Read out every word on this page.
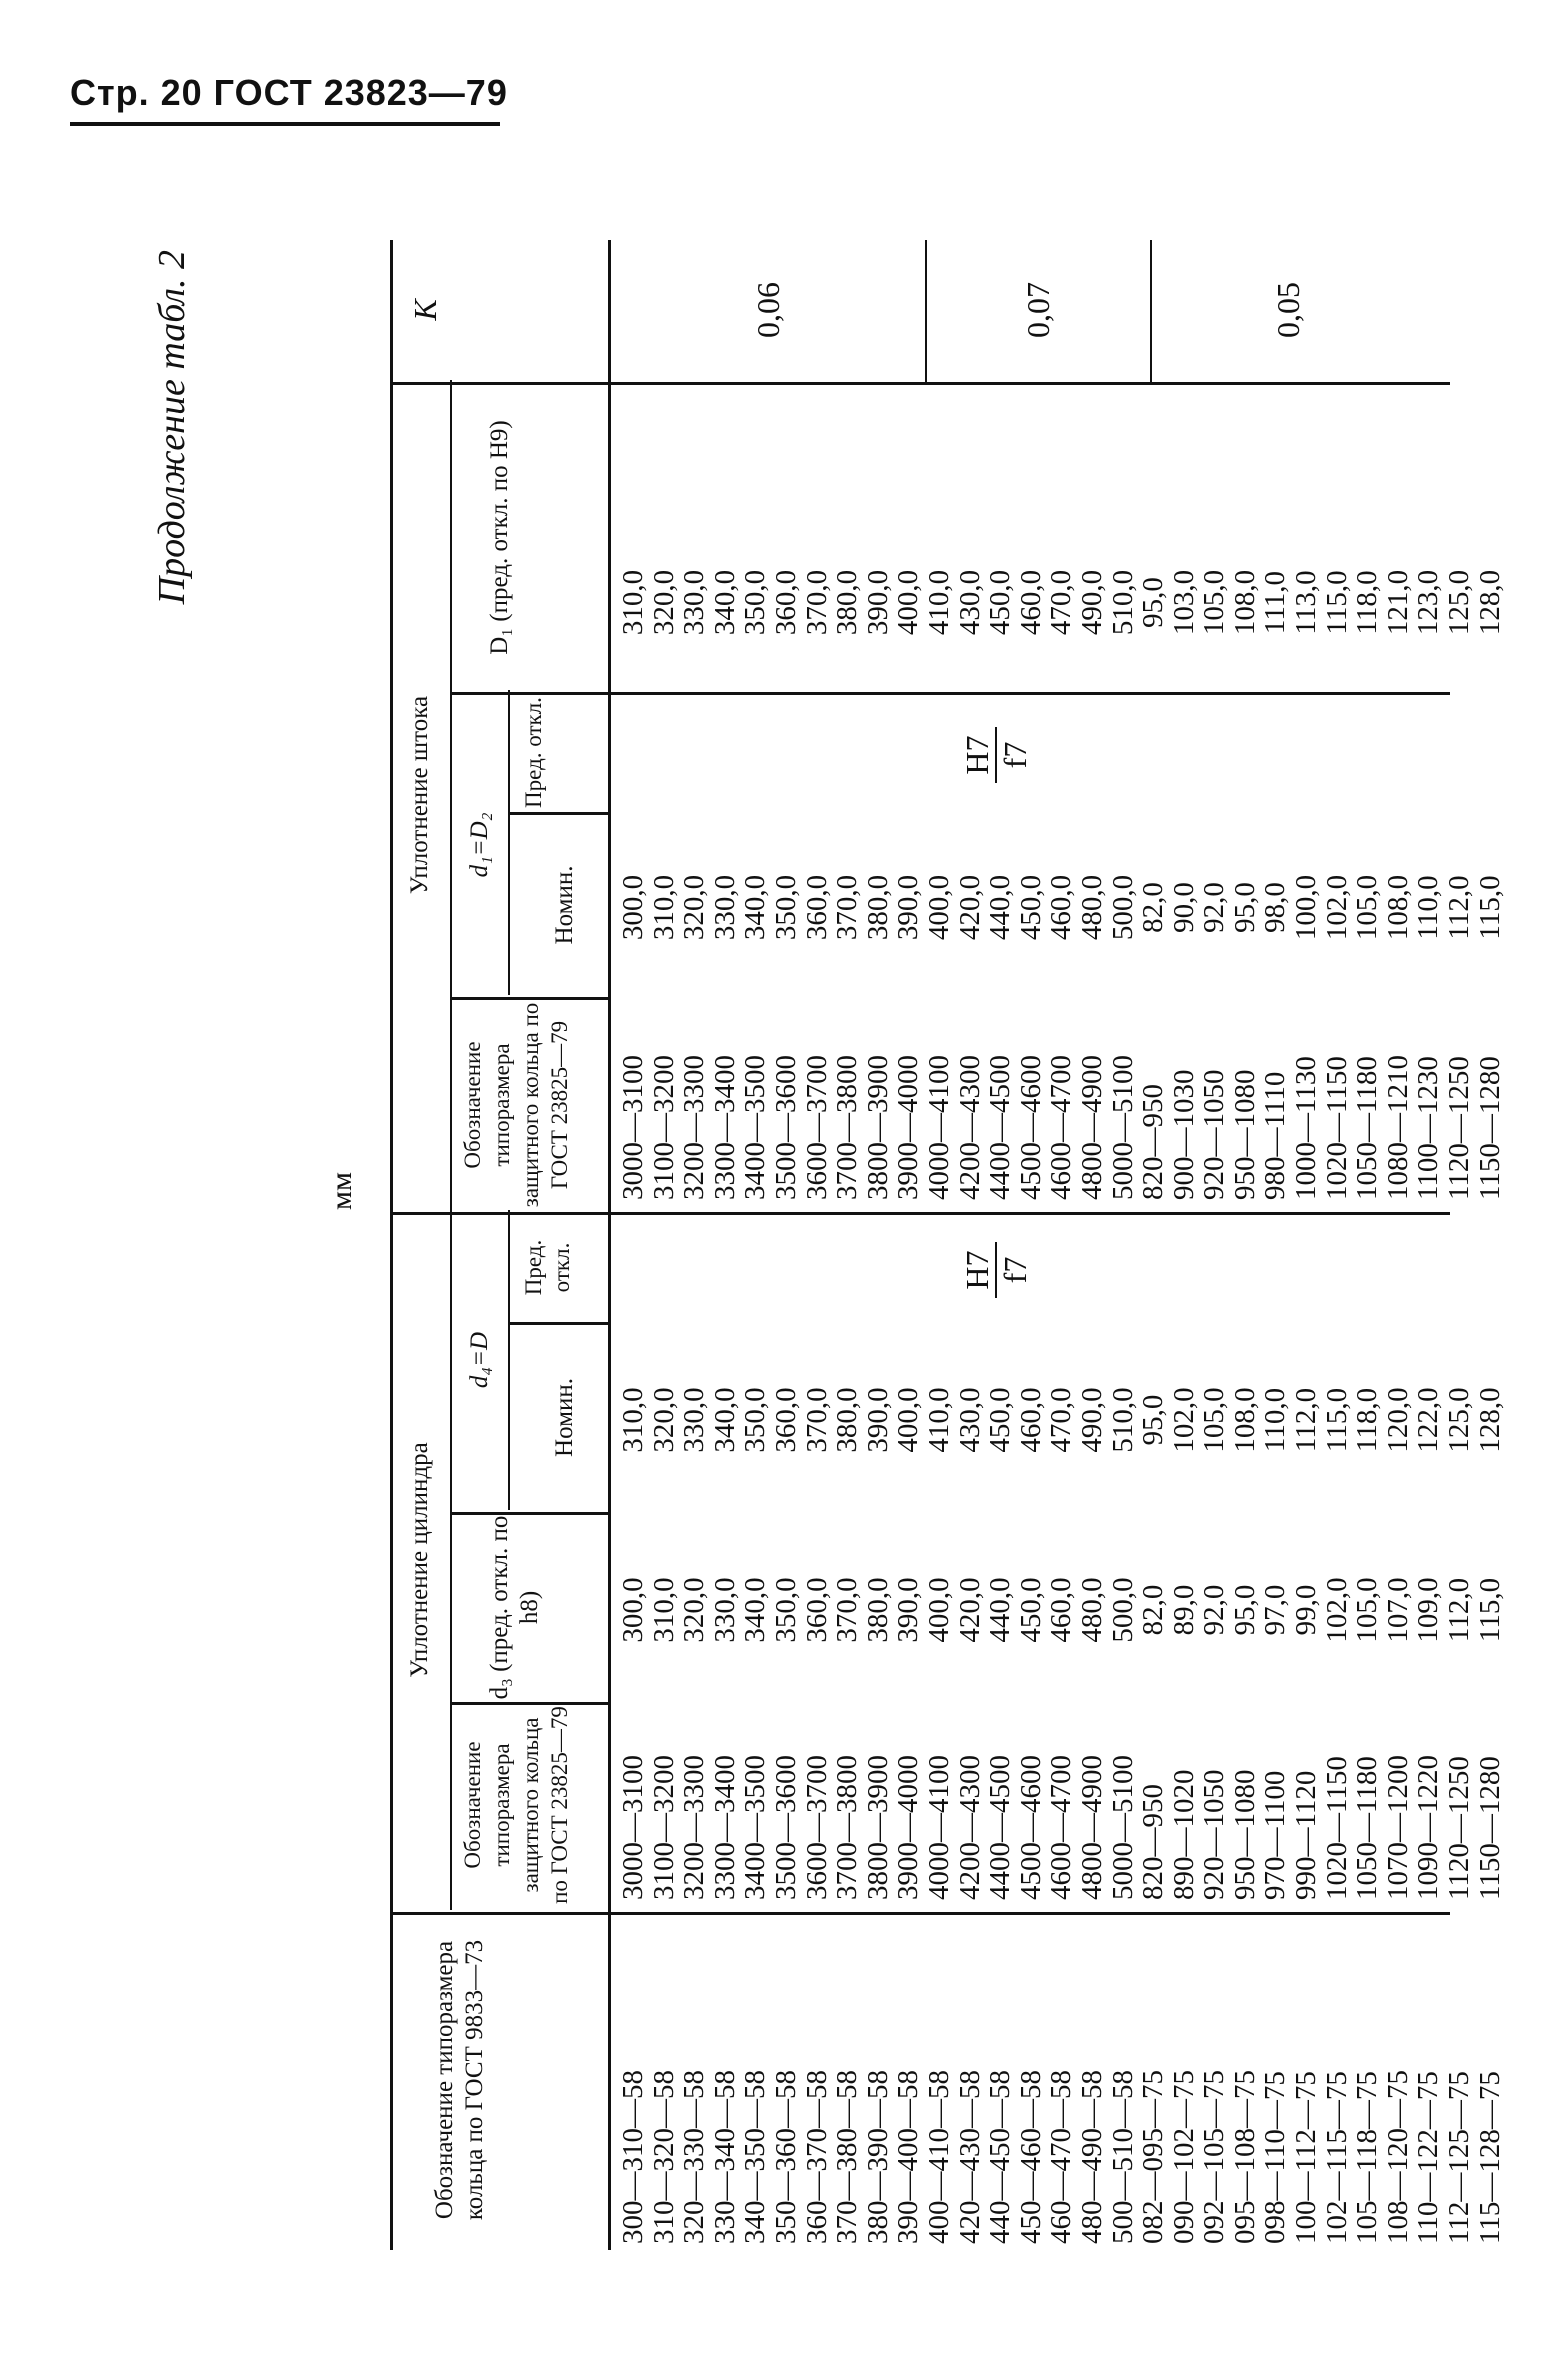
Стр. 20 ГОСТ 23823—79
Продолжение табл. 2
мм
Обозначение типоразмера кольца по ГОСТ 9833—73
Уплотнение цилиндра
Уплотнение штока
Обозначение типоразмера защитного кольца по ГОСТ 23825—79
d₃ (пред. откл. по h8)
d₄=D
Номин.
Пред. откл.
Обозначение типоразмера защитного кольца по ГОСТ 23825—79
d₁=D₂
Номин.
Пред. откл.
D₁ (пред. откл. по H9)
K
300—310—58
310—320—58
320—330—58
330—340—58
340—350—58
350—360—58
360—370—58
370—380—58
380—390—58
390—400—58
400—410—58
420—430—58
440—450—58
450—460—58
460—470—58
480—490—58
500—510—58
082—095—75
090—102—75
092—105—75
095—108—75
098—110—75
100—112—75
102—115—75
105—118—75
108—120—75
110—122—75
112—125—75
115—128—75
3000—3100
3100—3200
3200—3300
3300—3400
3400—3500
3500—3600
3600—3700
3700—3800
3800—3900
3900—4000
4000—4100
4200—4300
4400—4500
4500—4600
4600—4700
4800—4900
5000—5100
820—950
890—1020
920—1050
950—1080
970—1100
990—1120
1020—1150
1050—1180
1070—1200
1090—1220
1120—1250
1150—1280
300,0
310,0
320,0
330,0
340,0
350,0
360,0
370,0
380,0
390,0
400,0
420,0
440,0
450,0
460,0
480,0
500,0
82,0
89,0
92,0
95,0
97,0
99,0
102,0
105,0
107,0
109,0
112,0
115,0
310,0
320,0
330,0
340,0
350,0
360,0
370,0
380,0
390,0
400,0
410,0
430,0
450,0
460,0
470,0
490,0
510,0
95,0
102,0
105,0
108,0
110,0
112,0
115,0
118,0
120,0
122,0
125,0
128,0
3000—3100
3100—3200
3200—3300
3300—3400
3400—3500
3500—3600
3600—3700
3700—3800
3800—3900
3900—4000
4000—4100
4200—4300
4400—4500
4500—4600
4600—4700
4800—4900
5000—5100
820—950
900—1030
920—1050
950—1080
980—1110
1000—1130
1020—1150
1050—1180
1080—1210
1100—1230
1120—1250
1150—1280
300,0
310,0
320,0
330,0
340,0
350,0
360,0
370,0
380,0
390,0
400,0
420,0
440,0
450,0
460,0
480,0
500,0
82,0
90,0
92,0
95,0
98,0
100,0
102,0
105,0
108,0
110,0
112,0
115,0
310,0
320,0
330,0
340,0
350,0
360,0
370,0
380,0
390,0
400,0
410,0
430,0
450,0
460,0
470,0
490,0
510,0
95,0
103,0
105,0
108,0
111,0
113,0
115,0
118,0
121,0
123,0
125,0
128,0
H7 f7
H7 f7
0,06	0,07	0,05
